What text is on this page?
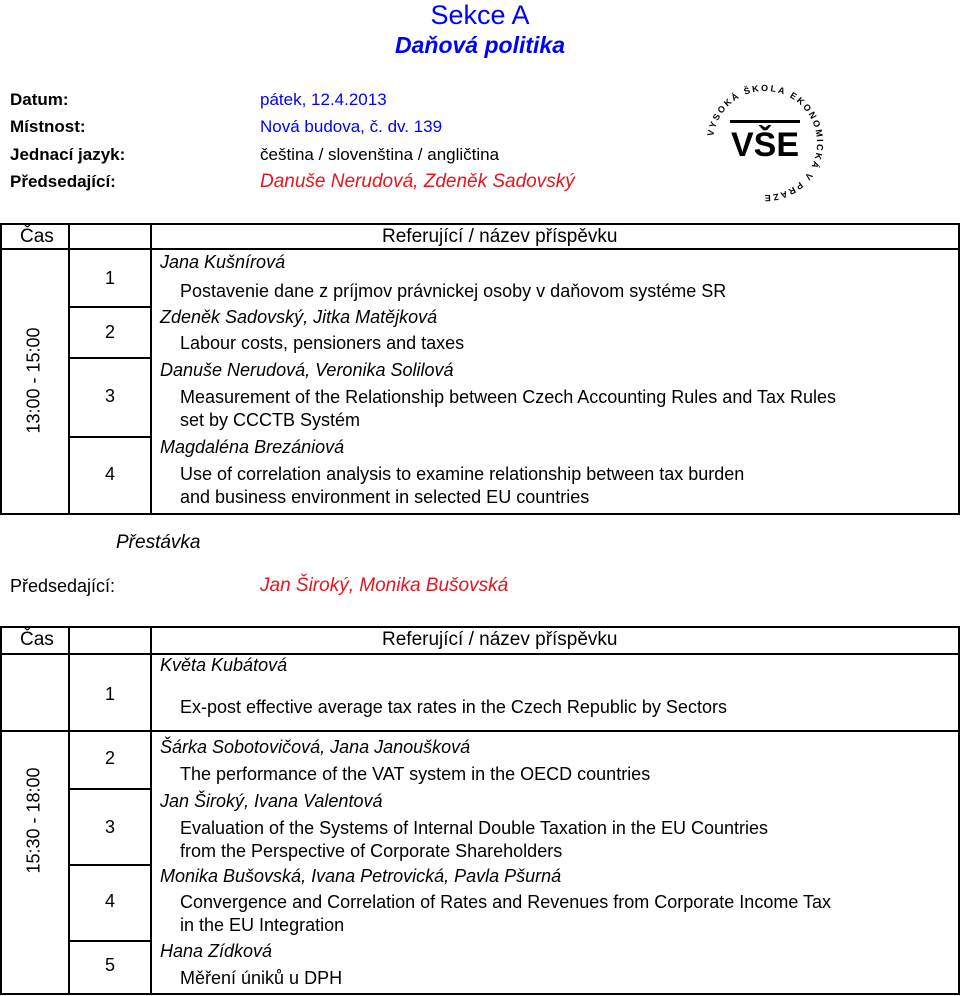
Sekce A
Daňová politika
Datum:	pátek, 12.4.2013
Místnost:	Nová budova, č. dv. 139
Jednací jazyk:	čeština / slovenština / angličtina
Předsedající:	Danuše Nerudová, Zdeněk Sadovský
VYSOKÁ ŠKOLA EKONOMICKÁ V PRAZE
VŠE
Čas	Referující / název příspěvku
13:00 - 15:00
1
Jana Kušnírová
Postavenie dane z príjmov právnickej osoby v daňovom systéme SR
2
Zdeněk Sadovský, Jitka Matějková
Labour costs, pensioners and taxes
3
Danuše Nerudová, Veronika Solilová
Measurement of the Relationship between Czech Accounting Rules and Tax Rules
set by CCCTB Systém
4
Magdaléna Brezániová
Use of correlation analysis to examine relationship between tax burden
and business environment in selected EU countries
Přestávka
Předsedající:	Jan Široký, Monika Bušovská
Čas	Referující / název příspěvku
15:30 - 18:00
1
Květa Kubátová
Ex-post effective average tax rates in the Czech Republic by Sectors
2
Šárka Sobotovičová, Jana Janoušková
The performance of the VAT system in the OECD countries
3
Jan Široký, Ivana Valentová
Evaluation of the Systems of Internal Double Taxation in the EU Countries
from the Perspective of Corporate Shareholders
4
Monika Bušovská, Ivana Petrovická, Pavla Pšurná
Convergence and Correlation of Rates and Revenues from Corporate Income Tax
in the EU Integration
5
Hana Zídková
Měření úniků u DPH
